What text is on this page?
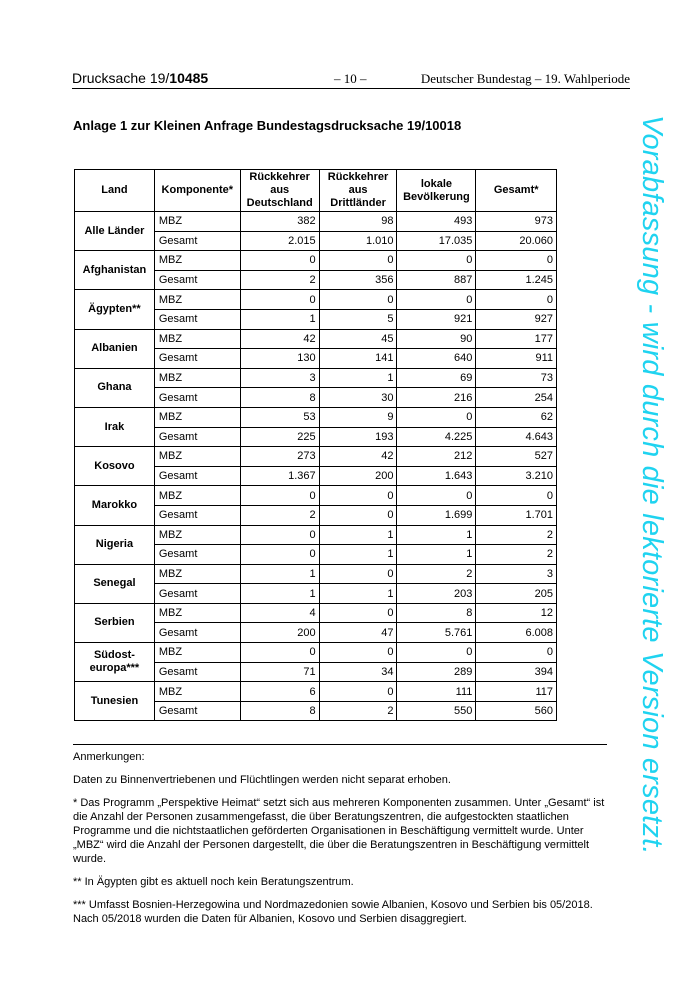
Drucksache 19/10485	– 10 –	Deutscher Bundestag – 19. Wahlperiode
Anlage 1 zur Kleinen Anfrage Bundestagsdrucksache 19/10018
Land	Komponente*	Rückkehrer aus Deutschland	Rückkehrer aus Drittländer	lokale Bevölkerung	Gesamt*
Alle Länder	MBZ	382	98	493	973
	Gesamt	2.015	1.010	17.035	20.060
Afghanistan	MBZ	0	0	0	0
	Gesamt	2	356	887	1.245
Ägypten**	MBZ	0	0	0	0
	Gesamt	1	5	921	927
Albanien	MBZ	42	45	90	177
	Gesamt	130	141	640	911
Ghana	MBZ	3	1	69	73
	Gesamt	8	30	216	254
Irak	MBZ	53	9	0	62
	Gesamt	225	193	4.225	4.643
Kosovo	MBZ	273	42	212	527
	Gesamt	1.367	200	1.643	3.210
Marokko	MBZ	0	0	0	0
	Gesamt	2	0	1.699	1.701
Nigeria	MBZ	0	1	1	2
	Gesamt	0	1	1	2
Senegal	MBZ	1	0	2	3
	Gesamt	1	1	203	205
Serbien	MBZ	4	0	8	12
	Gesamt	200	47	5.761	6.008
Südost-europa***	MBZ	0	0	0	0
	Gesamt	71	34	289	394
Tunesien	MBZ	6	0	111	117
	Gesamt	8	2	550	560

Anmerkungen:

Daten zu Binnenvertriebenen und Flüchtlingen werden nicht separat erhoben.

* Das Programm „Perspektive Heimat“ setzt sich aus mehreren Komponenten zusammen. Unter „Gesamt“ ist die Anzahl der Personen zusammengefasst, die über Beratungszentren, die aufgestockten staatlichen Programme und die nichtstaatlichen geförderten Organisationen in Beschäftigung vermittelt wurde. Unter „MBZ“ wird die Anzahl der Personen dargestellt, die über die Beratungszentren in Beschäftigung vermittelt wurde.

** In Ägypten gibt es aktuell noch kein Beratungszentrum.

*** Umfasst Bosnien-Herzegowina und Nordmazedonien sowie Albanien, Kosovo und Serbien bis 05/2018. Nach 05/2018 wurden die Daten für Albanien, Kosovo und Serbien disaggregiert.

Vorabfassung - wird durch die lektorierte Version ersetzt.
